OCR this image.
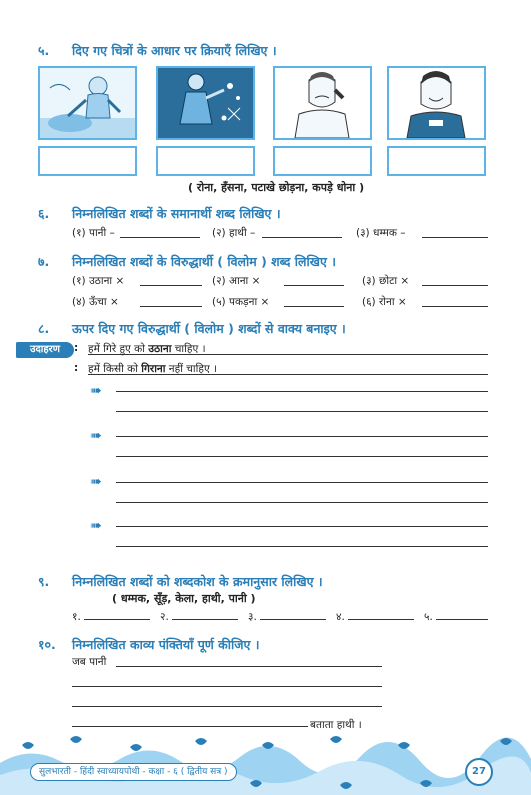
५. दिए गए चित्रों के आधार पर क्रियाएँ लिखिए ।
( रोना, हँसना, पटाखे छोड़ना, कपड़े धोना )
६. निम्नलिखित शब्दों के समानार्थी शब्द लिखिए ।
(१) पानी –	(२) हाथी –	(३) धम्मक –
७. निम्नलिखित शब्दों के विरुद्धार्थी ( विलोम ) शब्द लिखिए ।
(१) उठाना ×	(२) आना ×	(३) छोटा ×
(४) ऊँचा ×	(५) पकड़ना ×	(६) रोना ×
८. ऊपर दिए गए विरुद्धार्थी ( विलोम ) शब्दों से वाक्य बनाइए ।
उदाहरण	: हमें गिरे हुए को उठाना चाहिए ।
: हमें किसी को गिराना नहीं चाहिए ।
➠
➠
➠
➠
९. निम्नलिखित शब्दों को शब्दकोश के क्रमानुसार लिखिए ।
( धम्मक, सूँड़, केला, हाथी, पानी )
१.	२.	३.	४.	५.
१०. निम्नलिखित काव्य पंक्तियाँ पूर्ण कीजिए ।
जब पानी
बताता हाथी ।
सुलभारती - हिंदी स्वाध्यायपोथी - कक्षा - ६ ( द्वितीय सत्र )	27
